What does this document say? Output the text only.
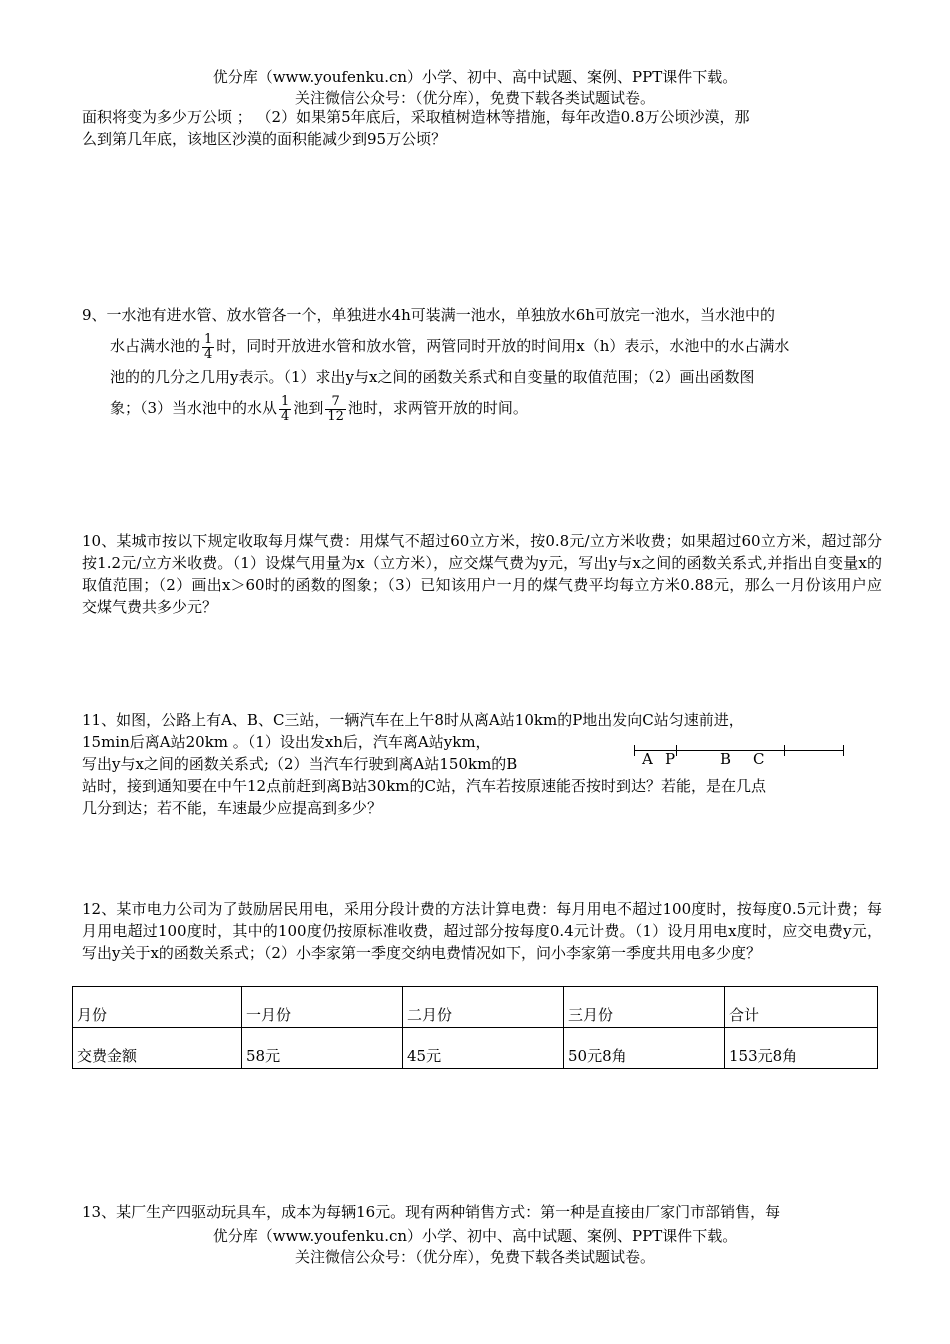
优分库（www.youfenku.cn）小学、初中、高中试题、案例、PPT课件下载。
关注微信公众号：（优分库），免费下载各类试题试卷。
面积将变为多少万公顷 ； （2）如果第5年底后，采取植树造林等措施，每年改造0.8万公顷沙漠，那
么到第几年底，该地区沙漠的面积能减少到95万公顷？
9、一水池有进水管、放水管各一个，单独进水4h可装满一池水，单独放水6h可放完一池水，当水池中的
水占满水池的 $\frac{1}{4}$ 时，同时开放进水管和放水管，两管同时开放的时间用x（h）表示，水池中的水占满水
池的的几分之几用y表示。（1）求出y与x之间的函数关系式和自变量的取值范围；（2）画出函数图
象；（3）当水池中的水从 $\frac{1}{4}$ 池到 $\frac{7}{12}$ 池时，求两管开放的时间。
10、某城市按以下规定收取每月煤气费：用煤气不超过60立方米，按0.8元/立方米收费；如果超过60立方米，超过部分按1.2元/立方米收费。（1）设煤气用量为x（立方米），应交煤气费为y元，写出y与x之间的函数关系式,并指出自变量x的取值范围；（2）画出x＞60时的函数的图象；（3）已知该用户一月的煤气费平均每立方米0.88元，那么一月份该用户应交煤气费共多少元？
11、如图，公路上有A、B、C三站，一辆汽车在上午8时从离A站10km的P地出发向C站匀速前进，
15min后离A站20km 。（1）设出发xh后，汽车离A站ykm，
写出y与x之间的函数关系式;（2）当汽车行驶到离A站150km的B
站时，接到通知要在中午12点前赶到离B站30km的C站，汽车若按原速能否按时到达？若能，是在几点
几分到达；若不能，车速最少应提高到多少？
A P	B C
12、某市电力公司为了鼓励居民用电，采用分段计费的方法计算电费：每月用电不超过100度时，按每度0.5元计费；每月用电超过100度时，其中的100度仍按原标准收费，超过部分按每度0.4元计费。（1）设月用电x度时，应交电费y元，写出y关于x的函数关系式；（2）小李家第一季度交纳电费情况如下，问小李家第一季度共用电多少度？
月份	一月份	二月份	三月份	合计
交费金额	58元	45元	50元8角	153元8角
13、某厂生产四驱动玩具车，成本为每辆16元。现有两种销售方式：第一种是直接由厂家门市部销售，每
优分库（www.youfenku.cn）小学、初中、高中试题、案例、PPT课件下载。
关注微信公众号：（优分库），免费下载各类试题试卷。
